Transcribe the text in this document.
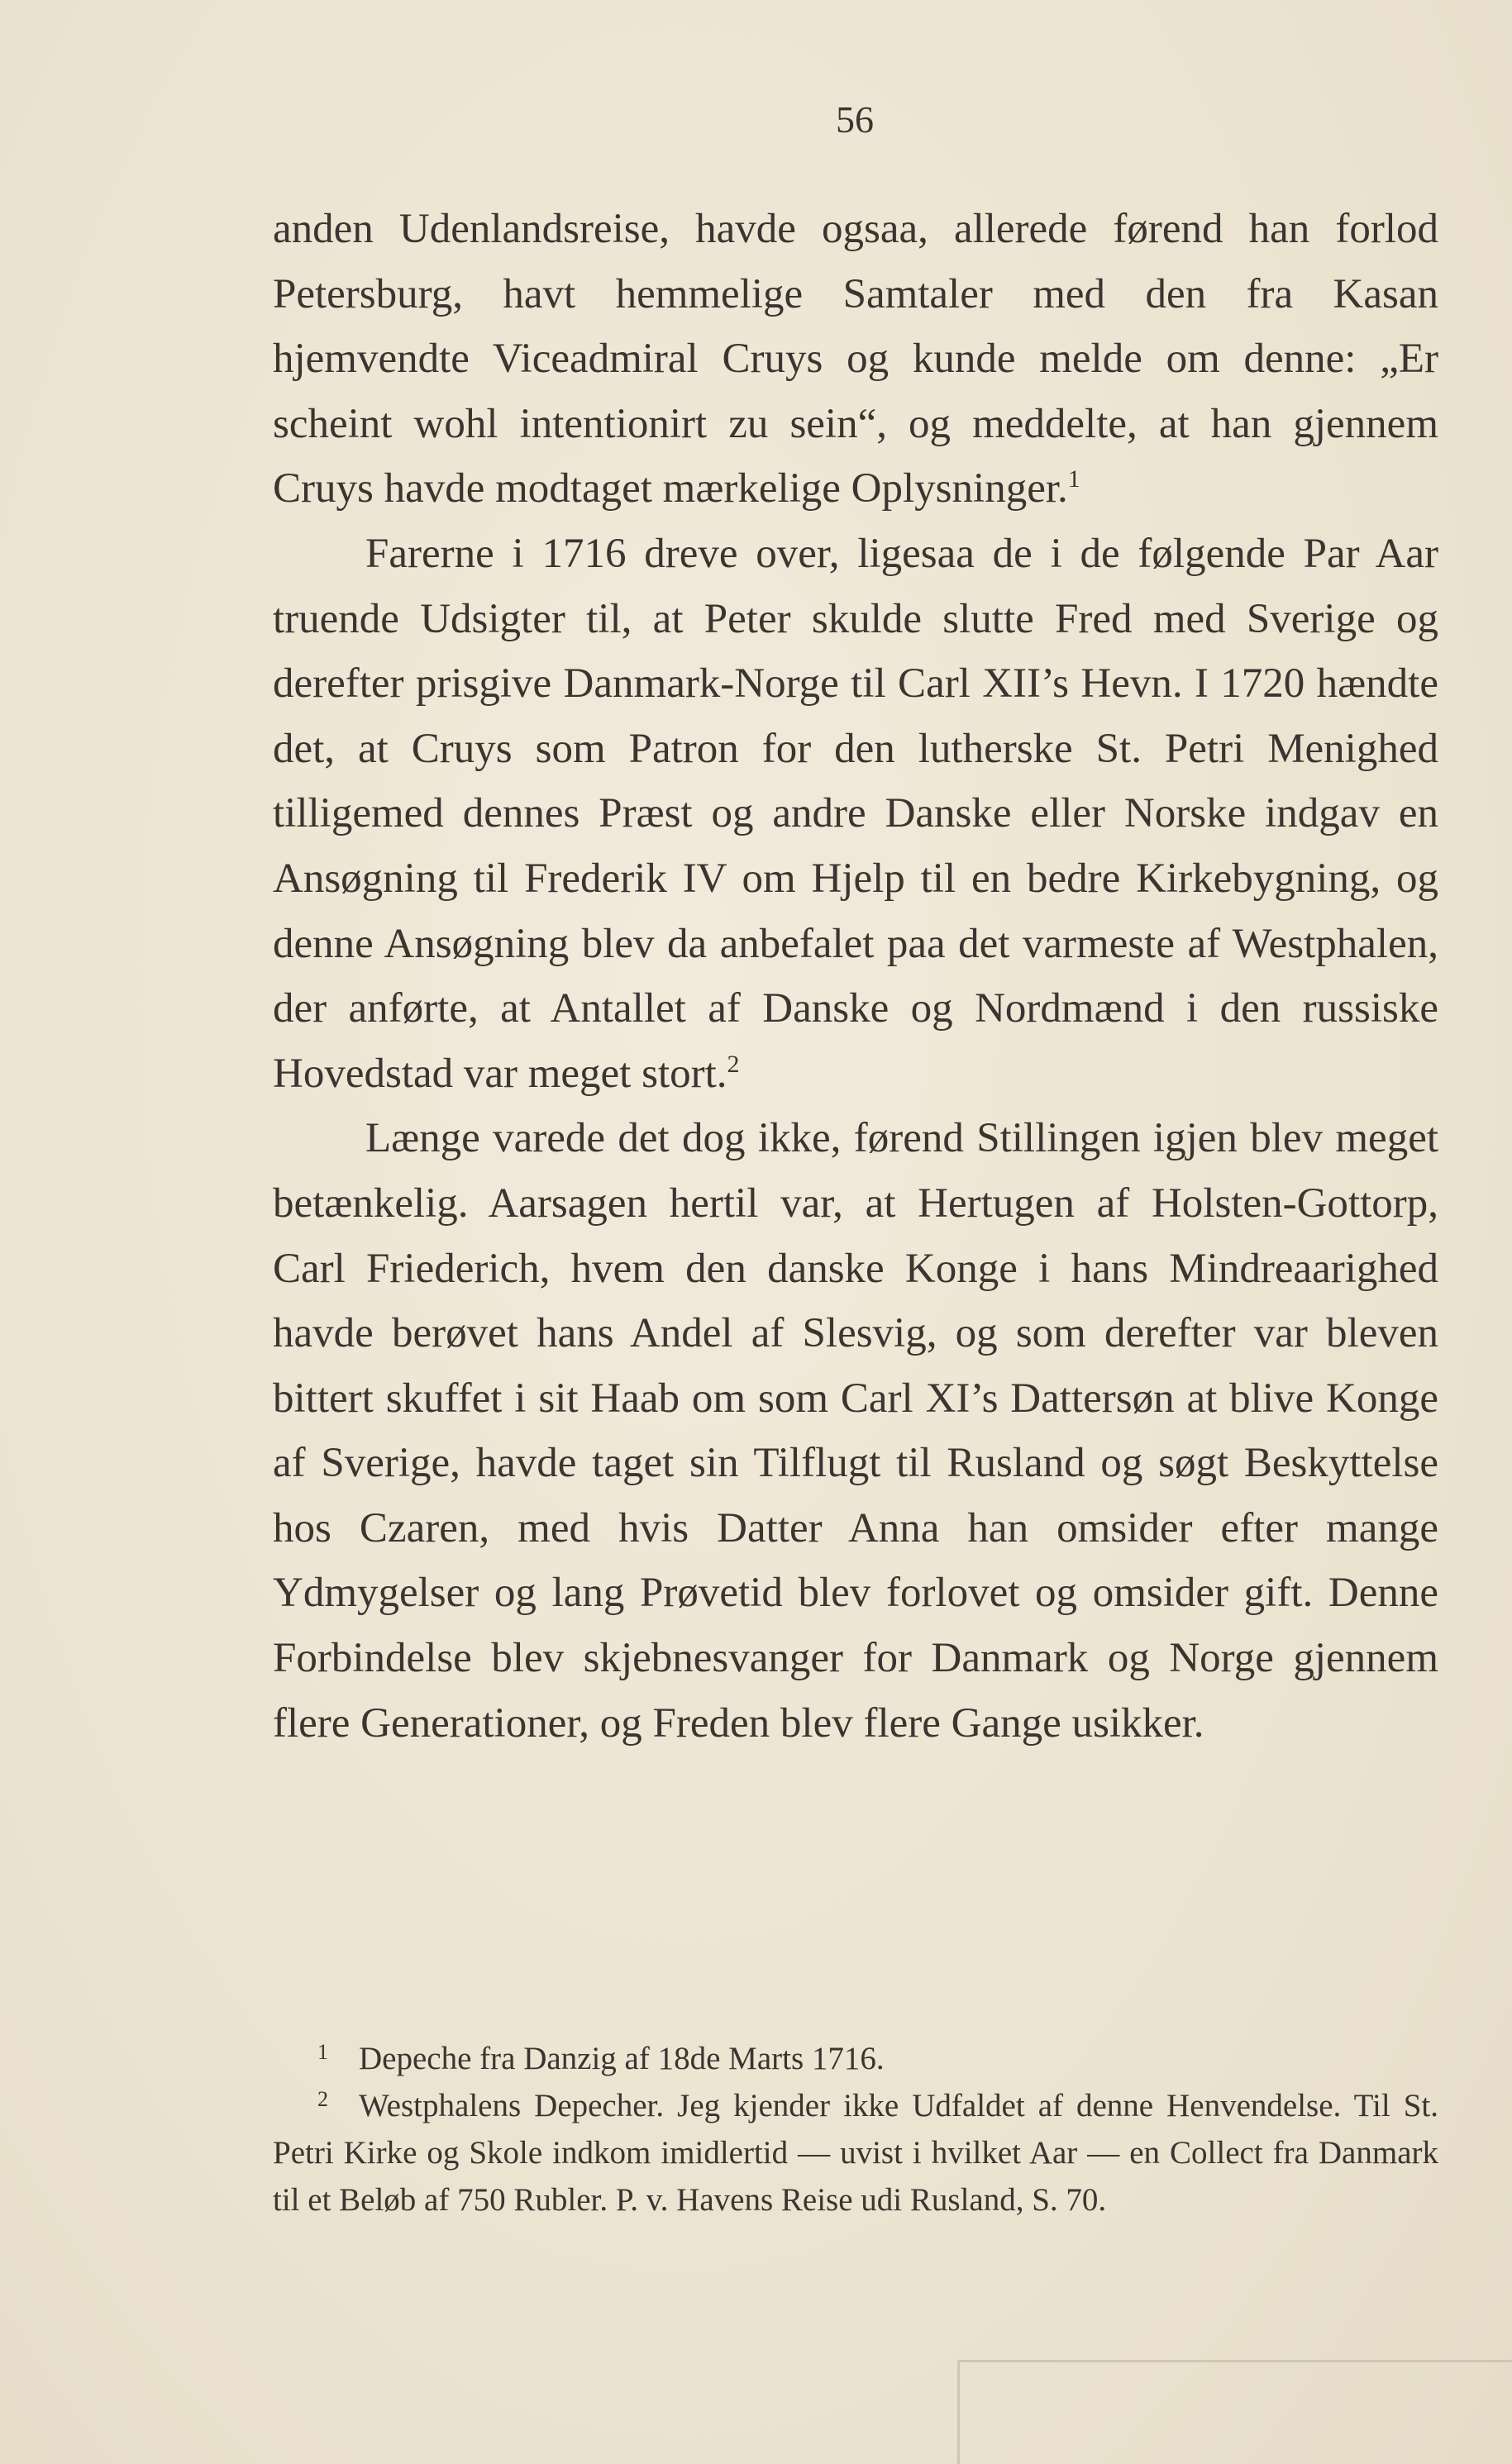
56

anden Udenlandsreise, havde ogsaa, allerede førend han forlod Petersburg, havt hemmelige Samtaler med den fra Kasan hjemvendte Viceadmiral Cruys og kunde melde om denne: „Er scheint wohl intentionirt zu sein“, og meddelte, at han gjennem Cruys havde modtaget mærkelige Oplysninger.$^1$

Farerne i 1716 dreve over, ligesaa de i de følgende Par Aar truende Udsigter til, at Peter skulde slutte Fred med Sverige og derefter prisgive Danmark-Norge til Carl XII’s Hevn. I 1720 hændte det, at Cruys som Patron for den lutherske St. Petri Menighed tilligemed dennes Præst og andre Danske eller Norske indgav en Ansøgning til Frederik IV om Hjelp til en bedre Kirkebygning, og denne Ansøgning blev da anbefalet paa det varmeste af Westphalen, der anførte, at Antallet af Danske og Nordmænd i den russiske Hovedstad var meget stort.$^2$

Længe varede det dog ikke, førend Stillingen igjen blev meget betænkelig. Aarsagen hertil var, at Hertugen af Holsten-Gottorp, Carl Friederich, hvem den danske Konge i hans Mindreaarighed havde berøvet hans Andel af Slesvig, og som derefter var bleven bittert skuffet i sit Haab om som Carl XI’s Dattersøn at blive Konge af Sverige, havde taget sin Tilflugt til Rusland og søgt Beskyttelse hos Czaren, med hvis Datter Anna han omsider efter mange Ydmygelser og lang Prøvetid blev forlovet og omsider gift. Denne Forbindelse blev skjebnesvanger for Danmark og Norge gjennem flere Generationer, og Freden blev flere Gange usikker.

1 Depeche fra Danzig af 18de Marts 1716.

2 Westphalens Depecher. Jeg kjender ikke Udfaldet af denne Henvendelse. Til St. Petri Kirke og Skole indkom imidlertid — uvist i hvilket Aar — en Collect fra Danmark til et Beløb af 750 Rubler. P. v. Havens Reise udi Rusland, S. 70.
